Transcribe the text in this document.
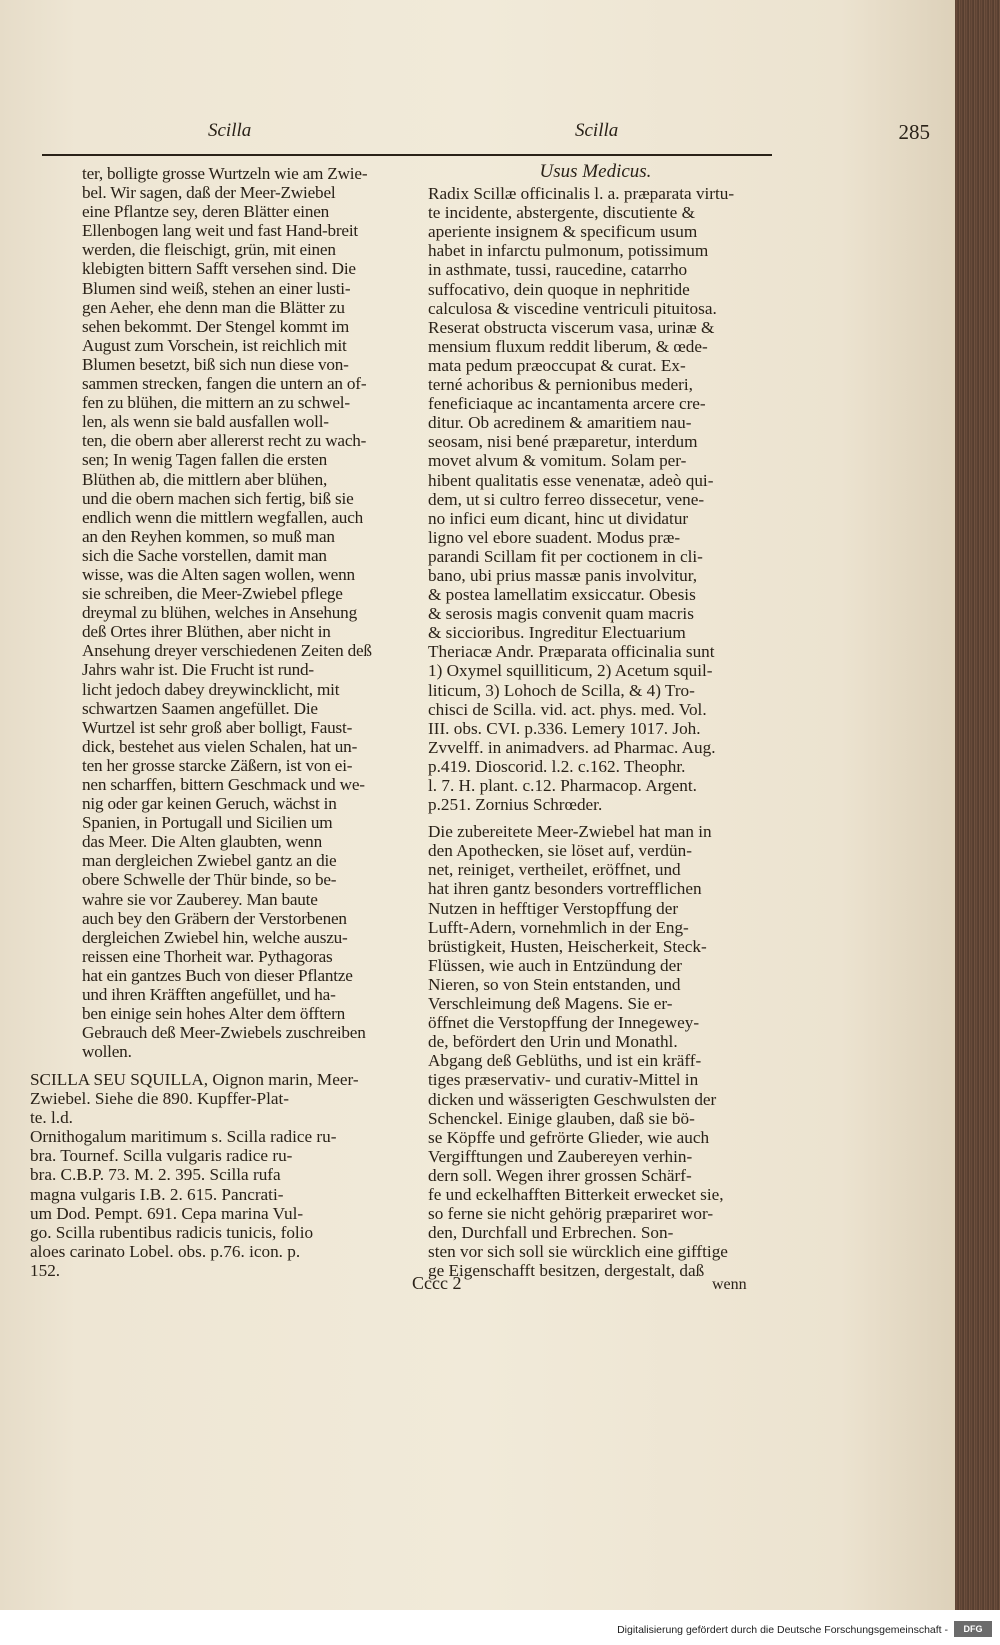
Scilla	Scilla	285

ter, bolligte grosse Wurtzeln wie am Zwie-

bel. Wir sagen, daß der Meer-Zwiebel

eine Pflantze sey, deren Blätter einen

Ellenbogen lang weit und fast Hand-breit

werden, die fleischigt, grün, mit einen

klebigten bittern Safft versehen sind. Die

Blumen sind weiß, stehen an einer lusti-

gen Aeher, ehe denn man die Blätter zu

sehen bekommt. Der Stengel kommt im

August zum Vorschein, ist reichlich mit

Blumen besetzt, biß sich nun diese von-

sammen strecken, fangen die untern an of-

fen zu blühen, die mittern an zu schwel-

len, als wenn sie bald ausfallen woll-

ten, die obern aber allererst recht zu wach-

sen; In wenig Tagen fallen die ersten

Blüthen ab, die mittlern aber blühen,

und die obern machen sich fertig, biß sie

endlich wenn die mittlern wegfallen, auch

an den Reyhen kommen, so muß man

sich die Sache vorstellen, damit man

wisse, was die Alten sagen wollen, wenn

sie schreiben, die Meer-Zwiebel pflege

dreymal zu blühen, welches in Ansehung

deß Ortes ihrer Blüthen, aber nicht in

Ansehung dreyer verschiedenen Zeiten deß

Jahrs wahr ist. Die Frucht ist rund-

licht jedoch dabey dreywincklicht, mit

schwartzen Saamen angefüllet. Die

Wurtzel ist sehr groß aber bolligt, Faust-

dick, bestehet aus vielen Schalen, hat un-

ten her grosse starcke Zäßern, ist von ei-

nen scharffen, bittern Geschmack und we-

nig oder gar keinen Geruch, wächst in

Spanien, in Portugall und Sicilien um

das Meer. Die Alten glaubten, wenn

man dergleichen Zwiebel gantz an die

obere Schwelle der Thür binde, so be-

wahre sie vor Zauberey. Man baute

auch bey den Gräbern der Verstorbenen

dergleichen Zwiebel hin, welche auszu-

reissen eine Thorheit war. Pythagoras

hat ein gantzes Buch von dieser Pflantze

und ihren Kräfften angefüllet, und ha-

ben einige sein hohes Alter dem öfftern

Gebrauch deß Meer-Zwiebels zuschreiben

wollen.

SCILLA SEU SQUILLA, Oignon marin, Meer-

Zwiebel. Siehe die 890. Kupffer-Plat-

te. l.d.

Ornithogalum maritimum s. Scilla radice ru-

bra. Tournef. Scilla vulgaris radice ru-

bra. C.B.P. 73. M. 2. 395. Scilla rufa

magna vulgaris I.B. 2. 615. Pancrati-

um Dod. Pempt. 691. Cepa marina Vul-

go. Scilla rubentibus radicis tunicis, folio

aloes carinato Lobel. obs. p.76. icon. p.

152.

Usus Medicus.

Radix Scillæ officinalis l. a. præparata virtu-

te incidente, abstergente, discutiente &

aperiente insignem & specificum usum

habet in infarctu pulmonum, potissimum

in asthmate, tussi, raucedine, catarrho

suffocativo, dein quoque in nephritide

calculosa & viscedine ventriculi pituitosa.

Reserat obstructa viscerum vasa, urinæ &

mensium fluxum reddit liberum, & œde-

mata pedum præoccupat & curat. Ex-

terné achoribus & pernionibus mederi,

feneficiaque ac incantamenta arcere cre-

ditur. Ob acredinem & amaritiem nau-

seosam, nisi bené præparetur, interdum

movet alvum & vomitum. Solam per-

hibent qualitatis esse venenatæ, adeò qui-

dem, ut si cultro ferreo dissecetur, vene-

no infici eum dicant, hinc ut dividatur

ligno vel ebore suadent. Modus præ-

parandi Scillam fit per coctionem in cli-

bano, ubi prius massæ panis involvitur,

& postea lamellatim exsiccatur. Obesis

& serosis magis convenit quam macris

& siccioribus. Ingreditur Electuarium

Theriacæ Andr. Præparata officinalia sunt

1) Oxymel squilliticum, 2) Acetum squil-

liticum, 3) Lohoch de Scilla, & 4) Tro-

chisci de Scilla. vid. act. phys. med. Vol.

III. obs. CVI. p.336. Lemery 1017. Joh.

Zvvelff. in animadvers. ad Pharmac. Aug.

p.419. Dioscorid. l.2. c.162. Theophr.

l. 7. H. plant. c.12. Pharmacop. Argent.

p.251. Zornius Schrœder.

Die zubereitete Meer-Zwiebel hat man in

den Apothecken, sie löset auf, verdün-

net, reiniget, vertheilet, eröffnet, und

hat ihren gantz besonders vortrefflichen

Nutzen in hefftiger Verstopffung der

Lufft-Adern, vornehmlich in der Eng-

brüstigkeit, Husten, Heischerkeit, Steck-

Flüssen, wie auch in Entzündung der

Nieren, so von Stein entstanden, und

Verschleimung deß Magens. Sie er-

öffnet die Verstopffung der Innegewey-

de, befördert den Urin und Monathl.

Abgang deß Geblüths, und ist ein kräff-

tiges præservativ- und curativ-Mittel in

dicken und wässerigten Geschwulsten der

Schenckel. Einige glauben, daß sie bö-

se Köpffe und gefrörte Glieder, wie auch

Vergifftungen und Zaubereyen verhin-

dern soll. Wegen ihrer grossen Schärf-

fe und eckelhafften Bitterkeit erwecket sie,

so ferne sie nicht gehörig præpariret wor-

den, Durchfall und Erbrechen. Son-

sten vor sich soll sie würcklich eine gifftige

ge Eigenschafft besitzen, dergestalt, daß

Cccc 2	wenn
Digitalisierung gefördert durch die Deutsche Forschungsgemeinschaft -	DFG
